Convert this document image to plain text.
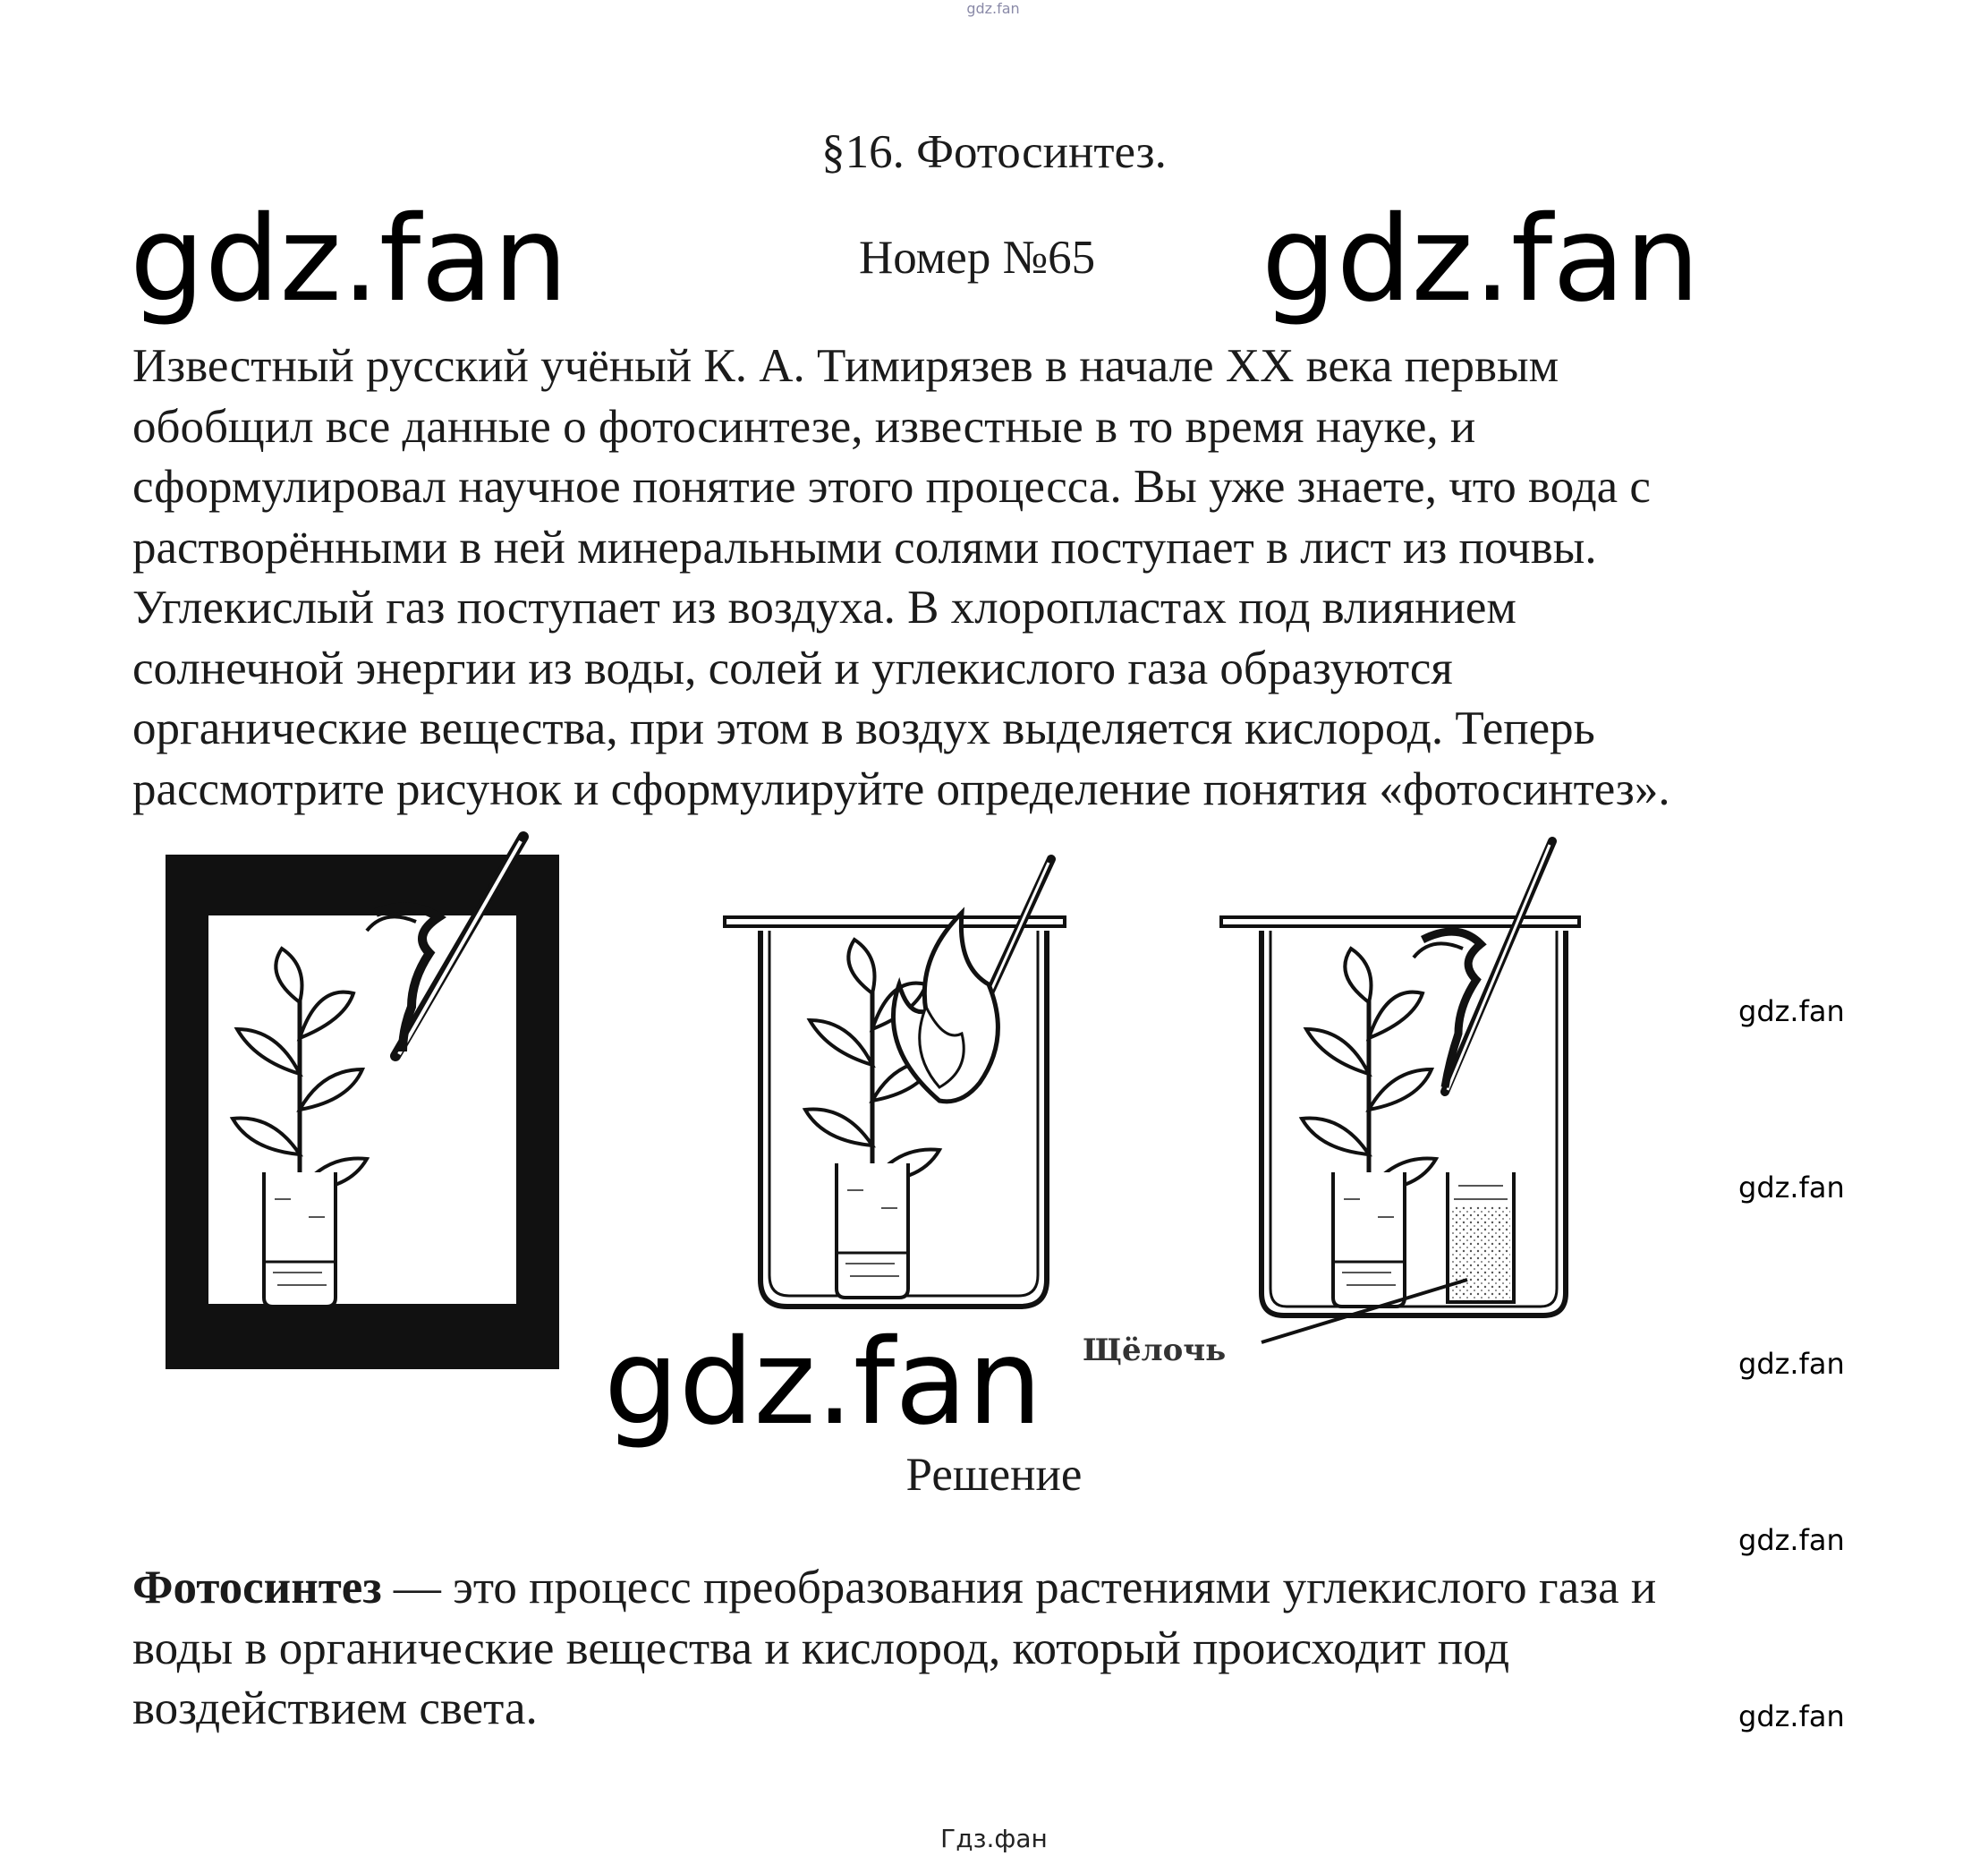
gdz.fan
§16. Фотосинтез.
Номер №65
gdz.fan	gdz.fan

Известный русский учёный К. А. Тимирязев в начале XX века первым
обобщил все данные о фотосинтезе, известные в то время науке, и
сформулировал научное понятие этого процесса. Вы уже знаете, что вода с
растворёнными в ней минеральными солями поступает в лист из почвы.
Углекислый газ поступает из воздуха. В хлоропластах под влиянием
солнечной энергии из воды, солей и углекислого газа образуются
органические вещества, при этом в воздух выделяется кислород. Теперь
рассмотрите рисунок и сформулируйте определение понятия «фотосинтез».

Щёлочь
gdz.fan
gdz.fan
gdz.fan
gdz.fan
gdz.fan
gdz.fan
Решение

Фотосинтез — это процесс преобразования растениями углекислого газа и
воды в органические вещества и кислород, который происходит под
воздействием света.

Гдз.фан
